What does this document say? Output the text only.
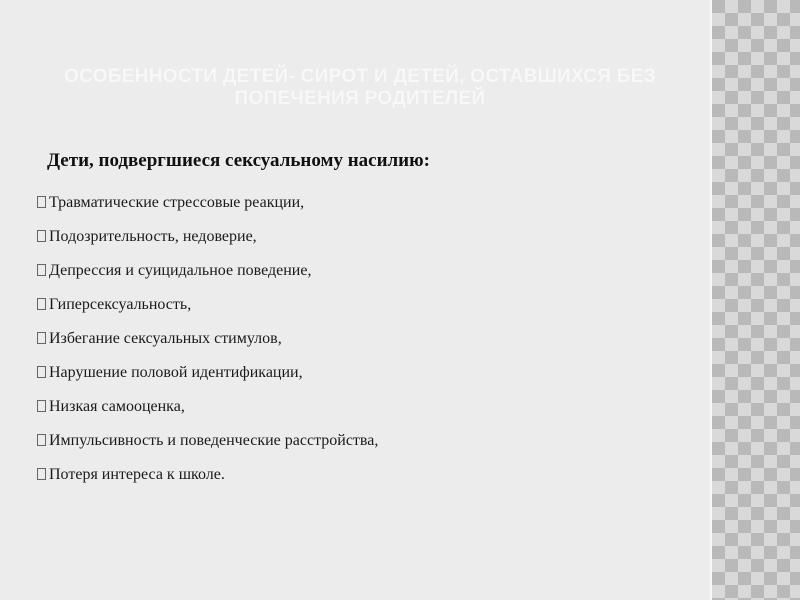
ОСОБЕННОСТИ ДЕТЕЙ- СИРОТ И ДЕТЕЙ, ОСТАВШИХСЯ БЕЗ ПОПЕЧЕНИЯ РОДИТЕЛЕЙ
Дети, подвергшиеся сексуальному насилию:
Травматические стрессовые реакции,
Подозрительность, недоверие,
Депрессия и суицидальное поведение,
Гиперсексуальность,
Избегание сексуальных стимулов,
Нарушение половой идентификации,
Низкая самооценка,
Импульсивность и поведенческие расстройства,
Потеря интереса к школе.
